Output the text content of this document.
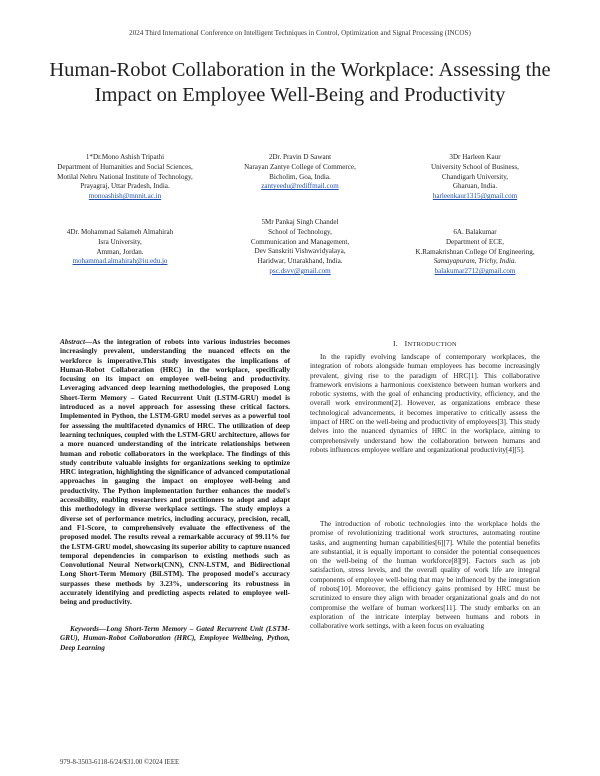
2024 Third International Conference on Intelligent Techniques in Control, Optimization and Signal Processing (INCOS)
Human-Robot Collaboration in the Workplace: Assessing the Impact on Employee Well-Being and Productivity
1*Dr.Mono Ashish Tripathi
Department of Humanities and Social Sciences,
Motilal Nehru National Institute of Technology,
Prayagraj, Uttar Pradesh, India.
monoashish@mnnit.ac.in
2Dr. Pravin D Sawant
Narayan Zantye College of Commerce,
Bicholim, Goa, India.
zantyeedu@rediffmail.com
3Dr Harleen Kaur
University School of Business,
Chandigarh University,
Gharuan, India.
harleenkaur1315@gmail.com
4Dr. Mohammad Salameh Almahirah
Isra University,
Amman, Jordan.
mohammad.almahirah@iu.edu.jo
5Mr Pankaj Singh Chandel
School of Technology,
Communication and Management,
Dev Sanskriti Vishwavidyalaya,
Haridwar, Uttarakhand, India.
psc.dsvv@gmail.com
6A. Balakumar
Department of ECE,
K.Ramakrishnan College Of Engineering,
Samayapuram, Trichy, India.
balakumar2712@gmail.com
Abstract—As the integration of robots into various industries becomes increasingly prevalent, understanding the nuanced effects on the workforce is imperative.This study investigates the implications of Human-Robot Collaboration (HRC) in the workplace, specifically focusing on its impact on employee well-being and productivity. Leveraging advanced deep learning methodologies, the proposed Long Short-Term Memory – Gated Recurrent Unit (LSTM-GRU) model is introduced as a novel approach for assessing these critical factors. Implemented in Python, the LSTM-GRU model serves as a powerful tool for assessing the multifaceted dynamics of HRC. The utilization of deep learning techniques, coupled with the LSTM-GRU architecture, allows for a more nuanced understanding of the intricate relationships between human and robotic collaborators in the workplace. The findings of this study contribute valuable insights for organizations seeking to optimize HRC integration, highlighting the significance of advanced computational approaches in gauging the impact on employee well-being and productivity. The Python implementation further enhances the model's accessibility, enabling researchers and practitioners to adopt and adapt this methodology in diverse workplace settings. The study employs a diverse set of performance metrics, including accuracy, precision, recall, and F1-Score, to comprehensively evaluate the effectiveness of the proposed model. The results reveal a remarkable accuracy of 99.11% for the LSTM-GRU model, showcasing its superior ability to capture nuanced temporal dependencies in comparison to existing methods such as Convolutional Neural Network(CNN), CNN-LSTM, and Bidirectional Long Short-Term Memory (BiLSTM). The proposed model's accuracy surpasses these methods by 3.23%, underscoring its robustness in accurately identifying and predicting aspects related to employee well-being and productivity.
Keywords—Long Short-Term Memory – Gated Recurrent Unit (LSTM-GRU), Human-Robot Collaboration (HRC), Employee Wellbeing, Python, Deep Learning
I. INTRODUCTION
In the rapidly evolving landscape of contemporary workplaces, the integration of robots alongside human employees has become increasingly prevalent, giving rise to the paradigm of HRC[1]. This collaborative framework envisions a harmonious coexistence between human workers and robotic systems, with the goal of enhancing productivity, efficiency, and the overall work environment[2]. However, as organizations embrace these technological advancements, it becomes imperative to critically assess the impact of HRC on the well-being and productivity of employees[3]. This study delves into the nuanced dynamics of HRC in the workplace, aiming to comprehensively understand how the collaboration between humans and robots influences employee welfare and organizational productivity[4][5].
The introduction of robotic technologies into the workplace holds the promise of revolutionizing traditional work structures, automating routine tasks, and augmenting human capabilities[6][7]. While the potential benefits are substantial, it is equally important to consider the potential consequences on the well-being of the human workforce[8][9]. Factors such as job satisfaction, stress levels, and the overall quality of work life are integral components of employee well-being that may be influenced by the integration of robots[10]. Moreover, the efficiency gains promised by HRC must be scrutinized to ensure they align with broader organizational goals and do not compromise the welfare of human workers[11]. The study embarks on an exploration of the intricate interplay between humans and robots in collaborative work settings, with a keen focus on evaluating
979-8-3503-6118-6/24/$31.00 ©2024 IEEE
